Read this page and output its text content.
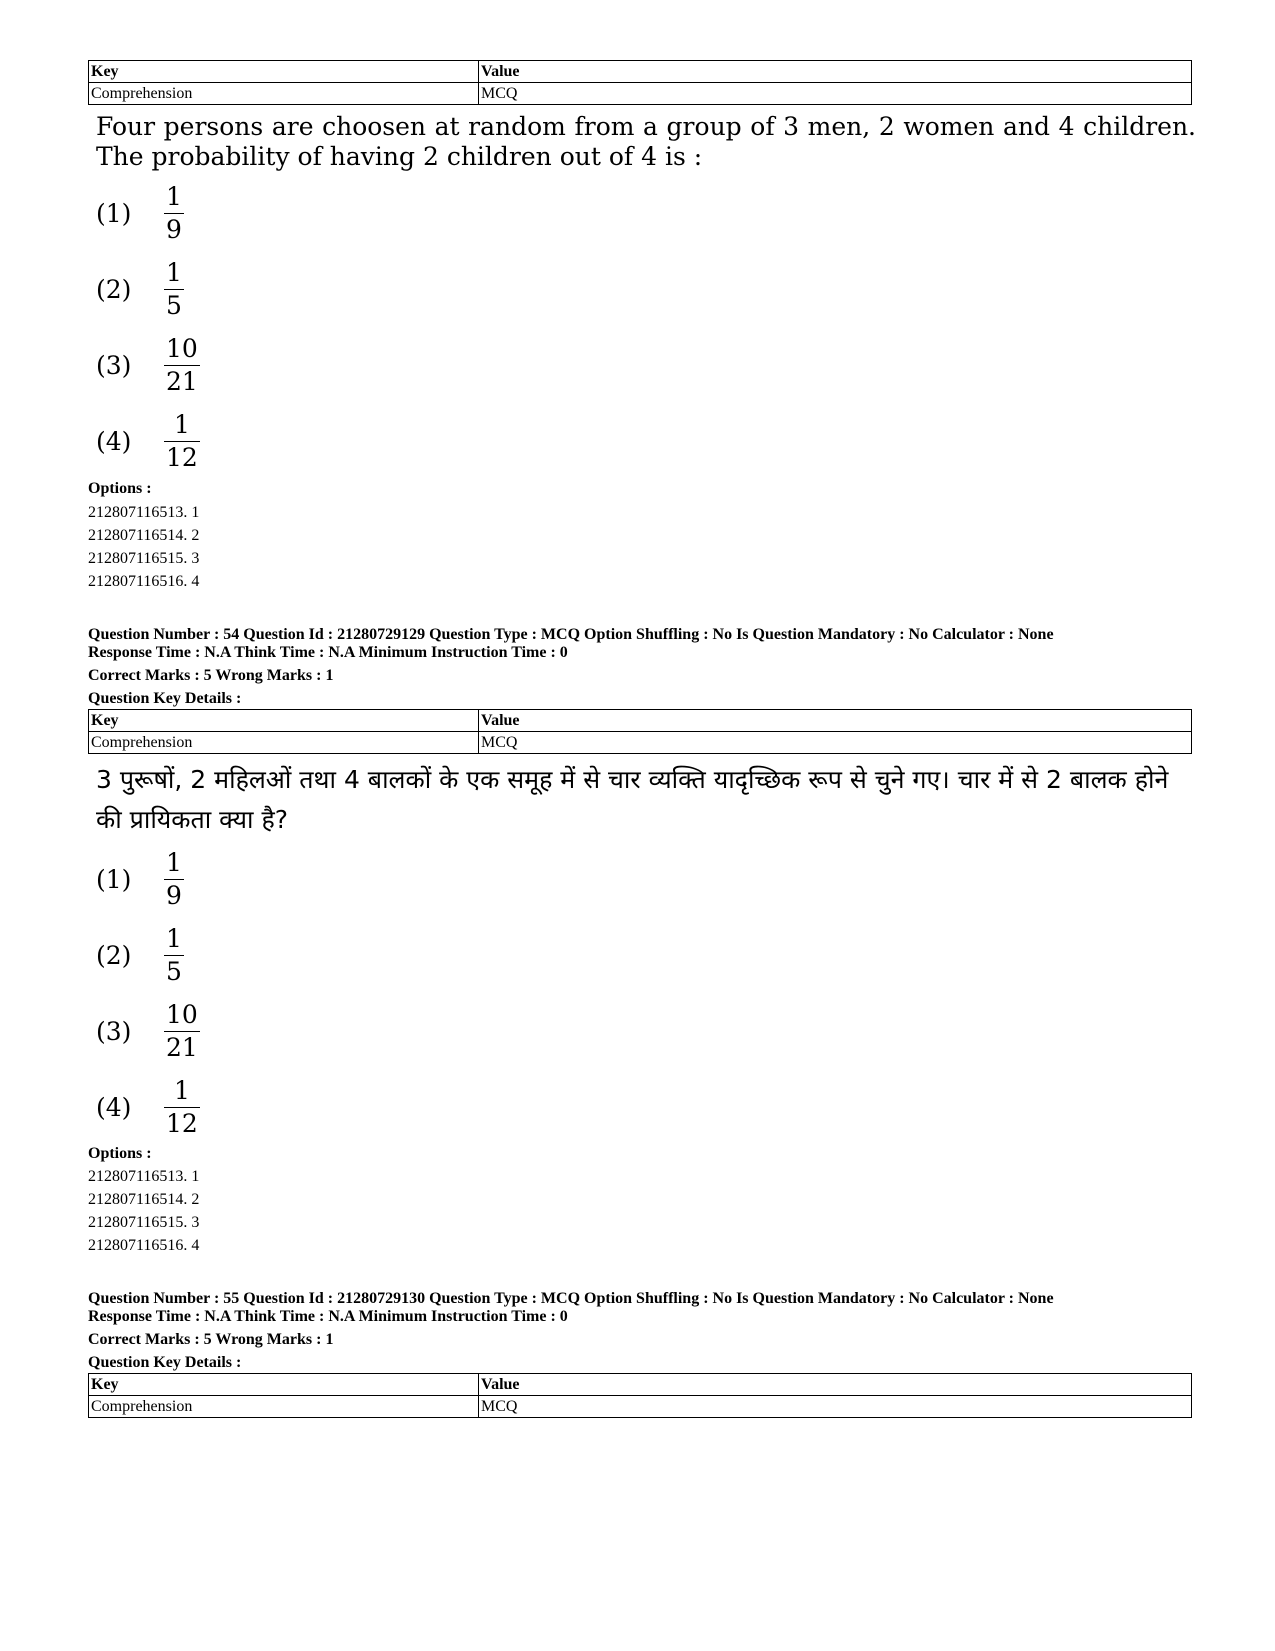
Key	Value
Comprehension	MCQ
Four persons are choosen at random from a group of 3 men, 2 women and 4 children. The probability of having 2 children out of 4 is :
(1)	$\frac{1}{9}$
(2)	$\frac{1}{5}$
(3)	$\frac{10}{21}$
(4)	$\frac{1}{12}$
Options :
212807116513. 1
212807116514. 2
212807116515. 3
212807116516. 4
Question Number : 54 Question Id : 21280729129 Question Type : MCQ Option Shuffling : No Is Question Mandatory : No Calculator : None
Response Time : N.A Think Time : N.A Minimum Instruction Time : 0
Correct Marks : 5 Wrong Marks : 1
Question Key Details :
Key	Value
Comprehension	MCQ
3 पुरूषों, 2 महिलओं तथा 4 बालकों के एक समूह में से चार व्यक्ति यादृच्छिक रूप से चुने गए। चार में से 2 बालक होने की प्रायिकता क्या है?
(1)	$\frac{1}{9}$
(2)	$\frac{1}{5}$
(3)	$\frac{10}{21}$
(4)	$\frac{1}{12}$
Options :
212807116513. 1
212807116514. 2
212807116515. 3
212807116516. 4
Question Number : 55 Question Id : 21280729130 Question Type : MCQ Option Shuffling : No Is Question Mandatory : No Calculator : None
Response Time : N.A Think Time : N.A Minimum Instruction Time : 0
Correct Marks : 5 Wrong Marks : 1
Question Key Details :
Key	Value
Comprehension	MCQ
